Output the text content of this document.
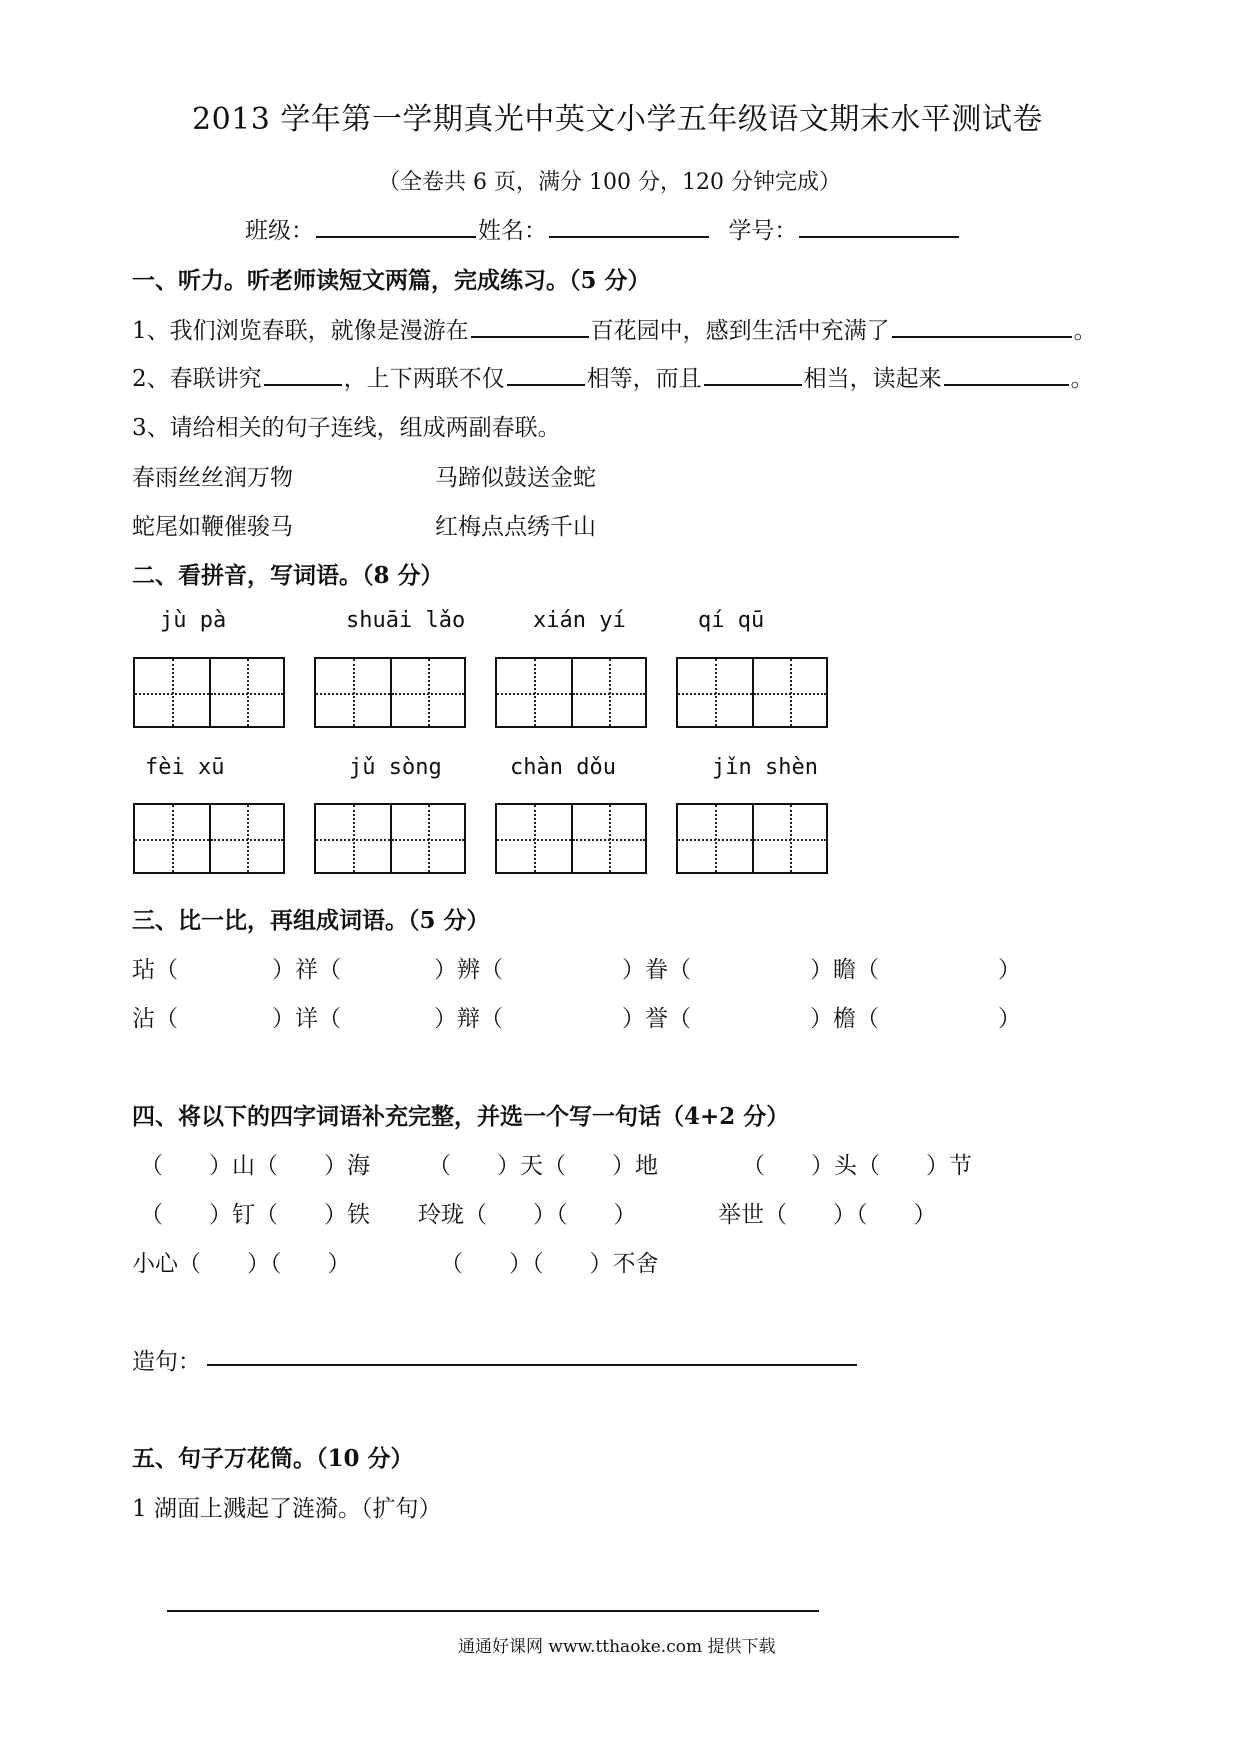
2013 学年第一学期真光中英文小学五年级语文期末水平测试卷
（全卷共 6 页，满分 100 分，120 分钟完成）
班级：	姓名：	学号：
一、听力。听老师读短文两篇，完成练习。（5 分）
1、我们浏览春联，就像是漫游在	百花园中，感到生活中充满了	。
2、春联讲究	，上下两联不仅	相等，而且	相当，读起来	。
3、请给相关的句子连线，组成两副春联。
春雨丝丝润万物	马蹄似鼓送金蛇
蛇尾如鞭催骏马	红梅点点绣千山
二、看拼音，写词语。（8 分）
jù pà	shuāi lǎo	xián yí	qí qū
fèi xū	jǔ sòng	chàn dǒu	jǐn shèn
三、比一比，再组成词语。（5 分）
玷（	）祥（	）辨（	）眷（	）瞻（	）
沾（	）详（	）辩（	）誉（	）檐（	）
四、将以下的四字词语补充完整，并选一个写一句话（4+2 分）
（　　）山（　　）海	（　　）天（　　）地	（　　）头（　　）节
（　　）钉（　　）铁 玲珑（　　）（　　）	举世（　　）（　　）
小心（　　）（　　）	（　　）（　　）不舍
造句：
五、句子万花筒。（10 分）
1 湖面上溅起了涟漪。（扩句）
通通好课网 www.tthaoke.com 提供下载
